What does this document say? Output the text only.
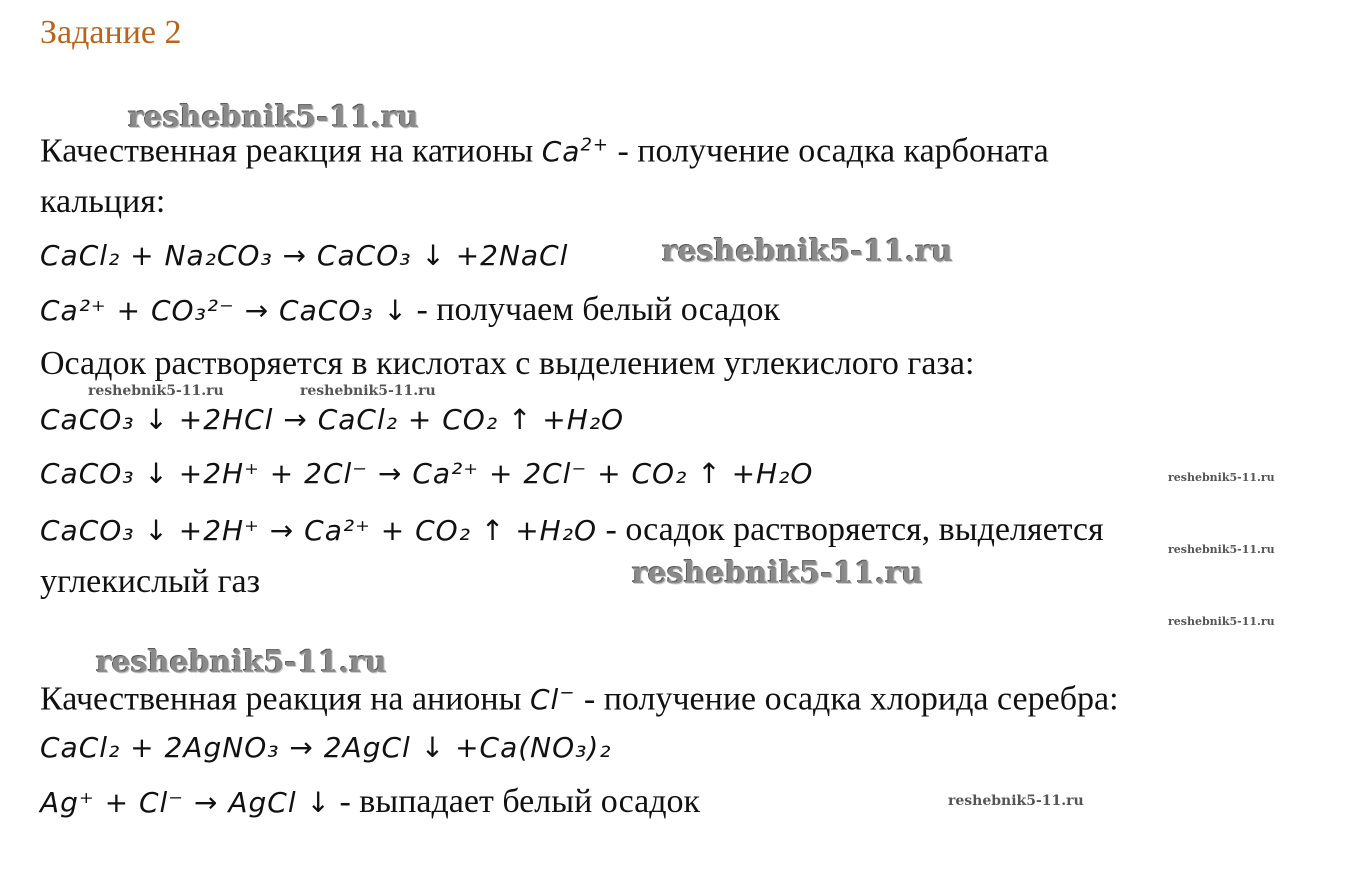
Задание 2
reshebnik5-11.ru
reshebnik5-11.ru
reshebnik5-11.ru	reshebnik5-11.ru
reshebnik5-11.ru
reshebnik5-11.ru
reshebnik5-11.ru
reshebnik5-11.ru
reshebnik5-11.ru
reshebnik5-11.ru
Качественная реакция на катионы $Ca^{2+}$ - получение осадка карбоната
кальция:
CaCl₂ + Na₂CO₃ → CaCO₃ ↓ +2NaCl
Ca²⁺ + CO₃²⁻ → CaCO₃ ↓ - получаем белый осадок
Осадок растворяется в кислотах с выделением углекислого газа:
CaCO₃ ↓ +2HCl → CaCl₂ + CO₂ ↑ +H₂O
CaCO₃ ↓ +2H⁺ + 2Cl⁻ → Ca²⁺ + 2Cl⁻ + CO₂ ↑ +H₂O
CaCO₃ ↓ +2H⁺ → Ca²⁺ + CO₂ ↑ +H₂O - осадок растворяется, выделяется
углекислый газ
Качественная реакция на анионы Cl− - получение осадка хлорида серебра:
CaCl₂ + 2AgNO₃ → 2AgCl ↓ +Ca(NO₃)₂
Ag⁺ + Cl⁻ → AgCl ↓ - выпадает белый осадок
